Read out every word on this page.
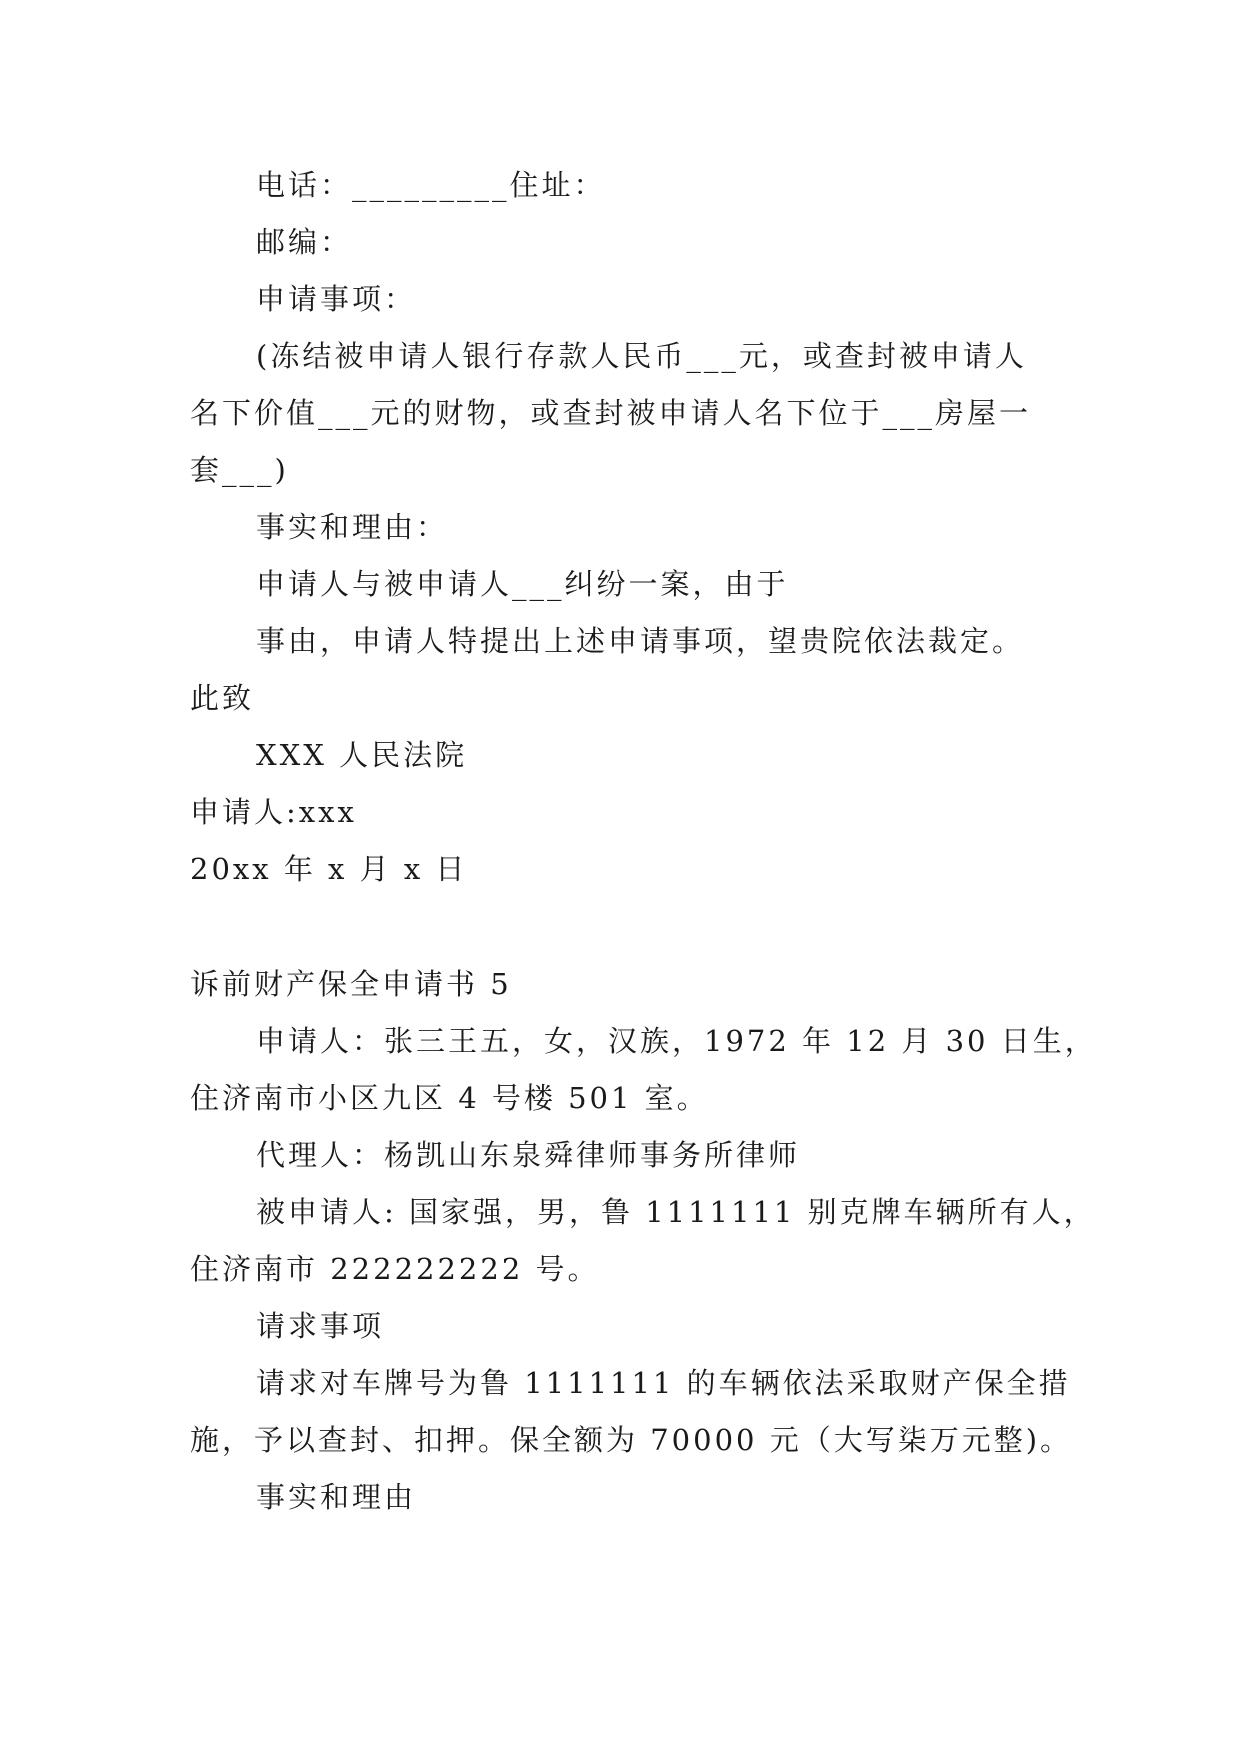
电话：_________住址：
邮编：
申请事项：
(冻结被申请人银行存款人民币___元，或查封被申请人
名下价值___元的财物，或查封被申请人名下位于___房屋一
套___)
事实和理由：
申请人与被申请人___纠纷一案，由于
事由，申请人特提出上述申请事项，望贵院依法裁定。
此致
XXX 人民法院
申请人:xxx
20xx 年 x 月 x 日
诉前财产保全申请书 5
申请人：张三王五，女，汉族，1972 年 12 月 30 日生，
住济南市小区九区 4 号楼 501 室。
代理人：杨凯山东泉舜律师事务所律师
被申请人: 国家强，男，鲁 1111111 别克牌车辆所有人，
住济南市 222222222 号。
请求事项
请求对车牌号为鲁 1111111 的车辆依法采取财产保全措
施，予以查封、扣押。保全额为 70000 元（大写柒万元整)。
事实和理由
